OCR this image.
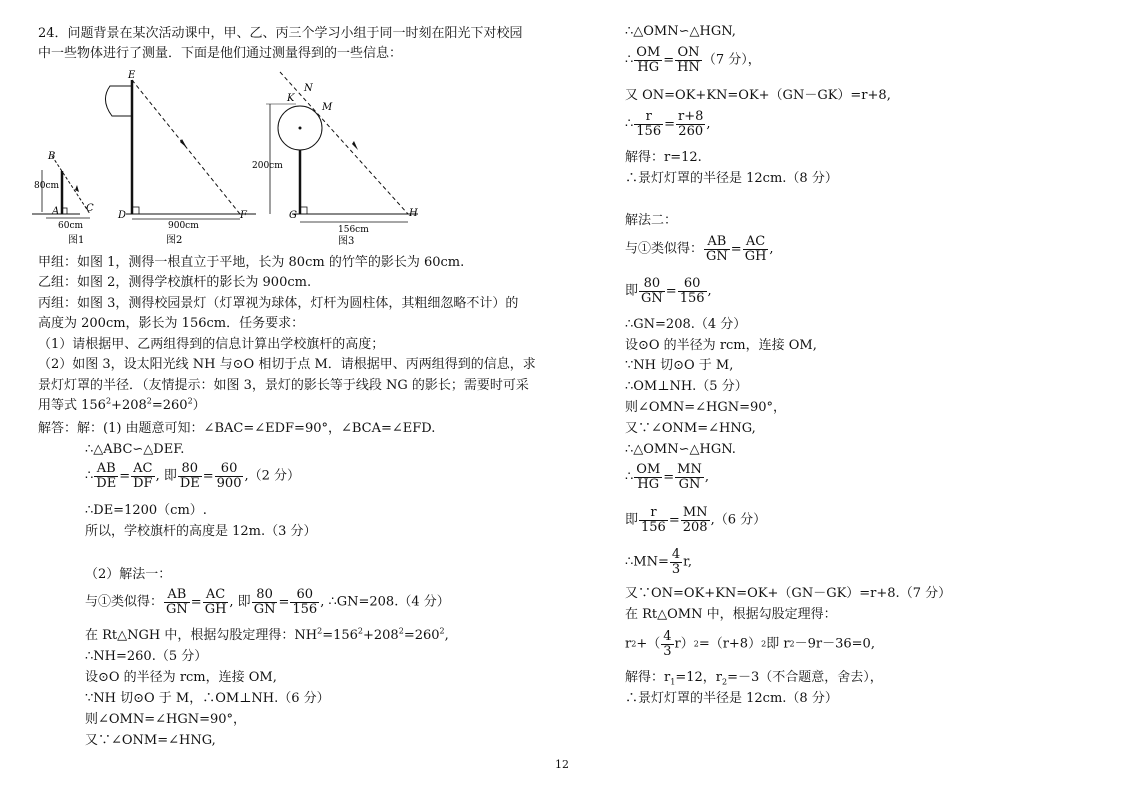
24．问题背景在某次活动课中，甲、乙、丙三个学习小组于同一时刻在阳光下对校园
中一些物体进行了测量．下面是他们通过测量得到的一些信息：
B
A	C
80cm
60cm
图1
E
D	F
900cm
图2
K
N
M
G	H
200cm
156cm
图3
甲组：如图 1，测得一根直立于平地，长为 80cm 的竹竿的影长为 60cm.
乙组：如图 2，测得学校旗杆的影长为 900cm.
丙组：如图 3，测得校园景灯（灯罩视为球体，灯杆为圆柱体，其粗细忽略不计）的
高度为 200cm，影长为 156cm．任务要求：
（1）请根据甲、乙两组得到的信息计算出学校旗杆的高度；
（2）如图 3，设太阳光线 NH 与⊙O 相切于点 M．请根据甲、丙两组得到的信息，求
景灯灯罩的半径．（友情提示：如图 3，景灯的影长等于线段 NG 的影长；需要时可采
用等式 $156^2+208^2=260^2$）
解答：解：(1) 由题意可知：∠BAC=∠EDF=90°，∠BCA=∠EFD.
∴△ABC∽△DEF.
∴ $\frac{AB}{DE} = \frac{AC}{DF}$ , 即 $\frac{80}{DE} = \frac{60}{900} ,(2$ 分）
∴DE=1200（cm）.
所以，学校旗杆的高度是 12m.（3 分）
（2）解法一：
与①类似得： $\frac{AB}{GN} = \frac{AC}{GH}$ , 即 $\frac{80}{GN} = \frac{60}{156}$ , ∴GN=208.（4 分）
在 Rt△NGH 中，根据勾股定理得：$NH^2=156^2+208^2=260^2$,
∴NH=260.（5 分）
设⊙O 的半径为 rcm，连接 OM,
∵NH 切⊙O 于 M，∴OM⊥NH.（6 分）
则∠OMN=∠HGN=90°，
又∵∠ONM=∠HNG,
∴△OMN∽△HGN,
∴ $\frac{OM}{HG} = \frac{ON}{HN} (7$ 分），
又 ON=OK+KN=OK+（GN－GK）=r+8,
∴ $\frac{r}{156} = \frac{r+8}{260}$ ,
解得：r=12.
∴景灯灯罩的半径是 12cm.（8 分）
解法二：
与①类似得： $\frac{AB}{GN} = \frac{AC}{GH}$ ,
即 $\frac{80}{GN} = \frac{60}{156}$ ,
∴GN=208.（4 分）
设⊙O 的半径为 rcm，连接 OM,
∵NH 切⊙O 于 M,
∴OM⊥NH.（5 分）
则∠OMN=∠HGN=90°，
又∵∠ONM=∠HNG,
∴△OMN∽△HGN.
∴ $\frac{OM}{HG} = \frac{MN}{GN}$ ,
即 $\frac{r}{156} = \frac{MN}{208} ,(6$ 分）
∴MN= $\frac{4}{3} r$,
又∵ON=OK+KN=OK+（GN－GK）=r+8.（7 分）
在 Rt△OMN 中，根据勾股定理得：
$r2+( \frac{4}{3} r)2=(r+8)2$即 r2－9r－36=0,
解得：$r_1=12$，$r_2=-3$（不合题意，舍去），
∴景灯灯罩的半径是 12cm.（8 分）
12
